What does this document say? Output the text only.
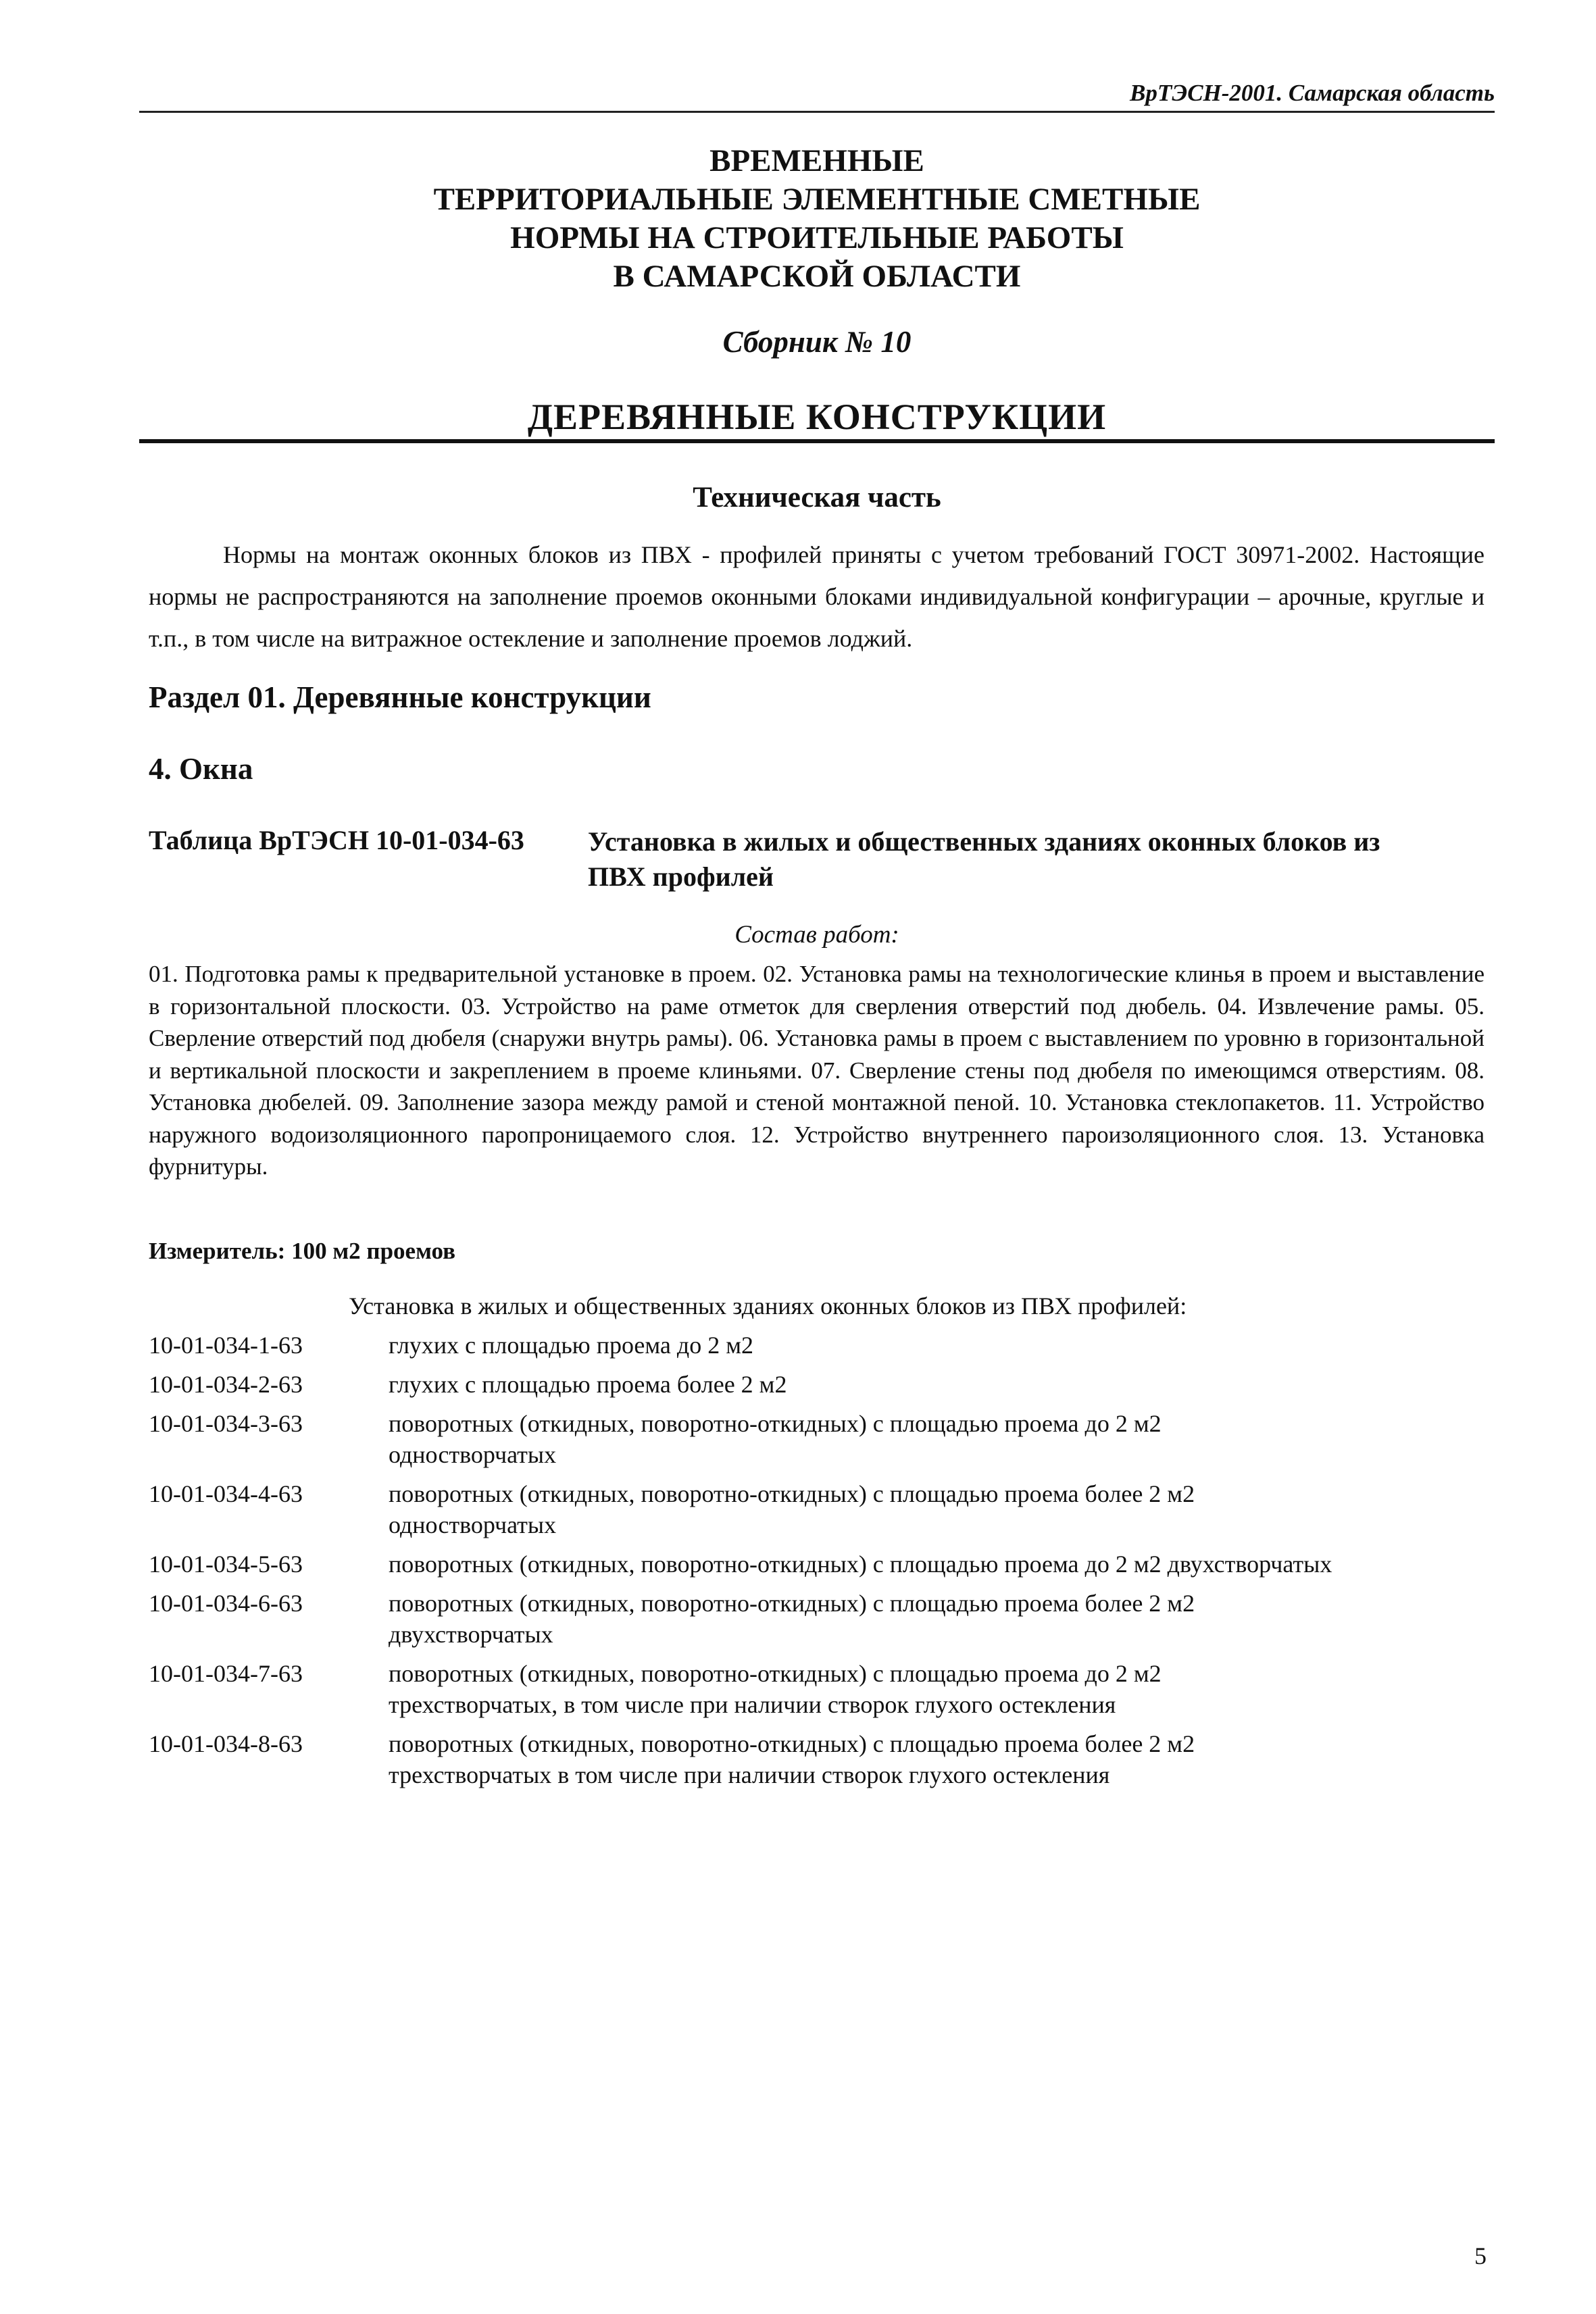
ВрТЭСН-2001. Самарская область
ВРЕМЕННЫЕ
ТЕРРИТОРИАЛЬНЫЕ ЭЛЕМЕНТНЫЕ СМЕТНЫЕ
НОРМЫ НА СТРОИТЕЛЬНЫЕ РАБОТЫ
В САМАРСКОЙ ОБЛАСТИ
Сборник № 10
ДЕРЕВЯННЫЕ КОНСТРУКЦИИ
Техническая часть
Нормы на монтаж оконных блоков из ПВХ - профилей приняты с учетом требований ГОСТ 30971-2002. Настоящие нормы не распространяются на заполнение проемов оконными блоками индивидуальной конфигурации – арочные, круглые и т.п., в том числе на витражное остекление и заполнение проемов лоджий.
Раздел 01. Деревянные конструкции
4. Окна
Таблица ВрТЭСН 10-01-034-63 Установка в жилых и общественных зданиях оконных блоков из ПВХ профилей
Состав работ:
01. Подготовка рамы к предварительной установке в проем. 02. Установка рамы на технологические клинья в проем и выставление в горизонтальной плоскости. 03. Устройство на раме отметок для сверления отверстий под дюбель. 04. Извлечение рамы. 05. Сверление отверстий под дюбеля (снаружи внутрь рамы). 06. Установка рамы в проем с выставлением по уровню в горизонтальной и вертикальной плоскости и закреплением в проеме клиньями. 07. Сверление стены под дюбеля по имеющимся отверстиям. 08. Установка дюбелей. 09. Заполнение зазора между рамой и стеной монтажной пеной. 10. Установка стеклопакетов. 11. Устройство наружного водоизоляционного паропроницаемого слоя. 12. Устройство внутреннего пароизоляционного слоя. 13. Установка фурнитуры.
Измеритель: 100 м2 проемов
Установка в жилых и общественных зданиях оконных блоков из ПВХ профилей:
10-01-034-1-63	глухих с площадью проема до 2 м2
10-01-034-2-63	глухих с площадью проема более 2 м2
10-01-034-3-63	поворотных (откидных, поворотно-откидных) с площадью проема до 2 м2 одностворчатых
10-01-034-4-63	поворотных (откидных, поворотно-откидных) с площадью проема более 2 м2 одностворчатых
10-01-034-5-63	поворотных (откидных, поворотно-откидных) с площадью проема до 2 м2 двухстворчатых
10-01-034-6-63	поворотных (откидных, поворотно-откидных) с площадью проема более 2 м2 двухстворчатых
10-01-034-7-63	поворотных (откидных, поворотно-откидных) с площадью проема до 2 м2 трехстворчатых, в том числе при наличии створок глухого остекления
10-01-034-8-63	поворотных (откидных, поворотно-откидных) с площадью проема более 2 м2 трехстворчатых в том числе при наличии створок глухого остекления
5
